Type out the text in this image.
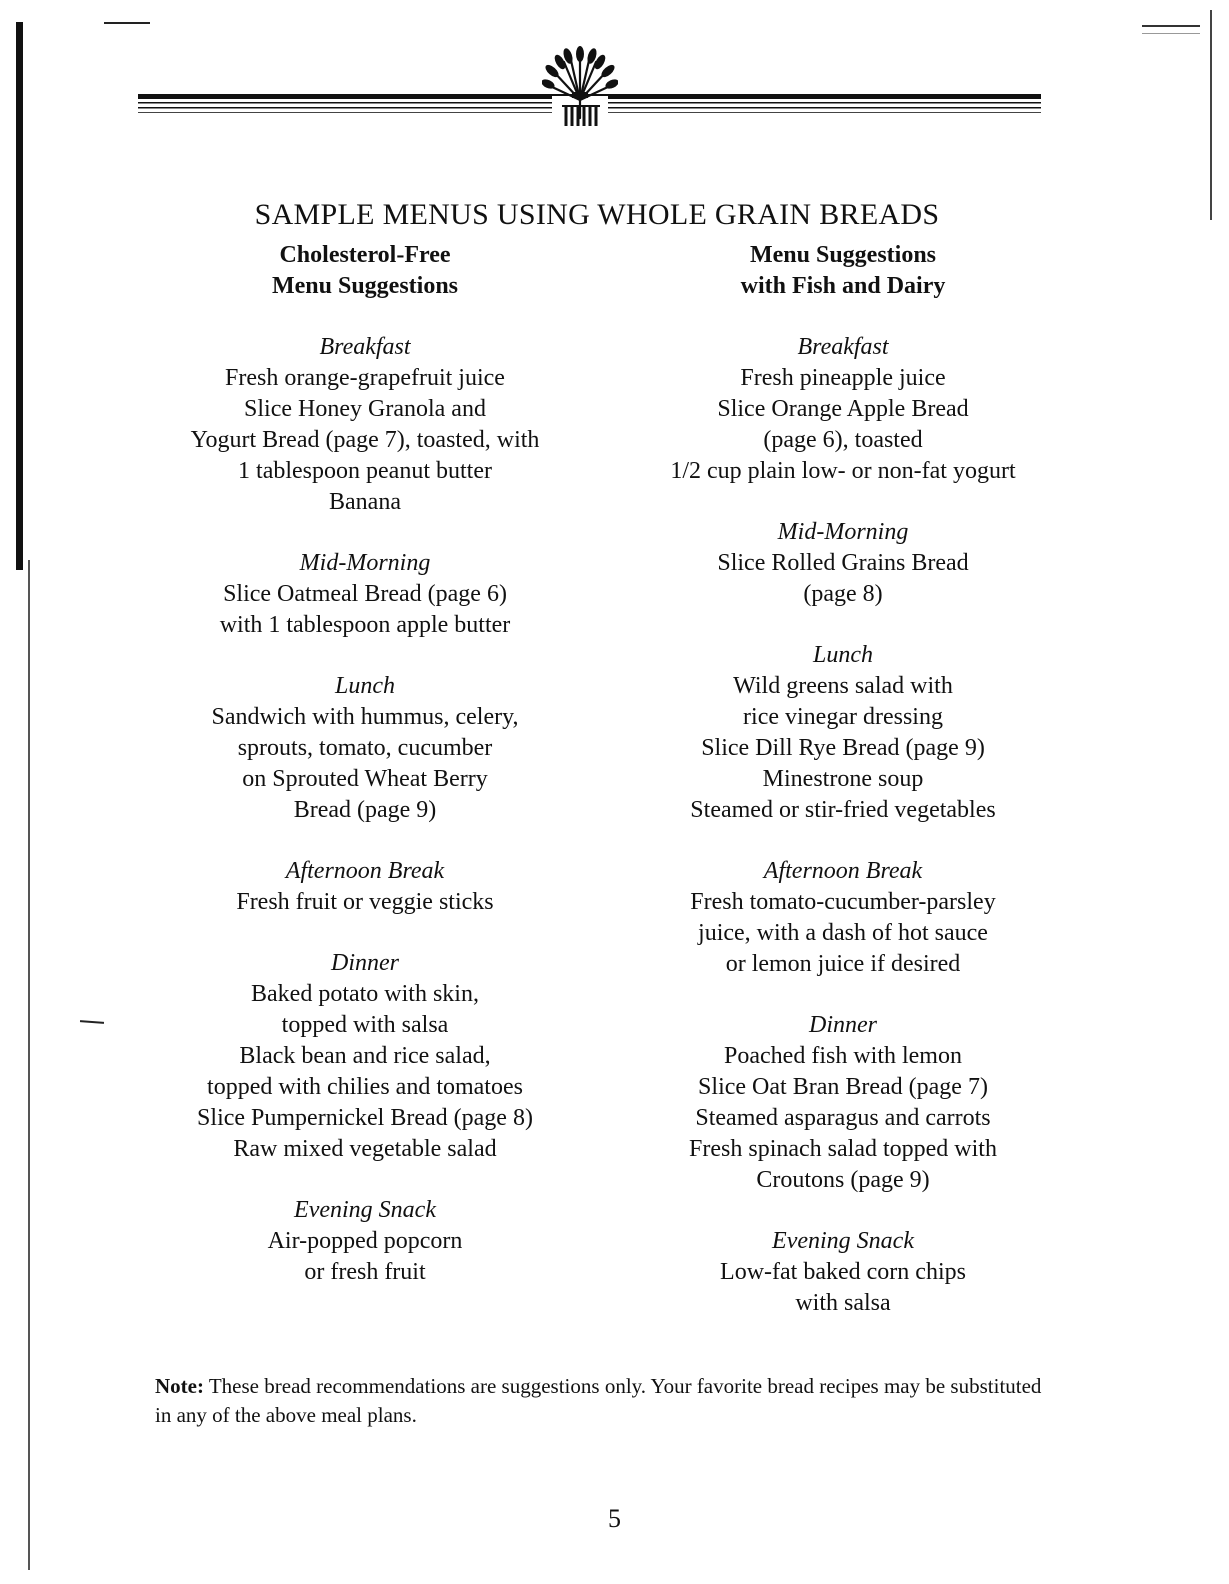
SAMPLE MENUS USING WHOLE GRAIN BREADS
Cholesterol-Free
Menu Suggestions
Breakfast
Fresh orange-grapefruit juice
Slice Honey Granola and
Yogurt Bread (page 7), toasted, with
1 tablespoon peanut butter
Banana
Mid-Morning
Slice Oatmeal Bread (page 6)
with 1 tablespoon apple butter
Lunch
Sandwich with hummus, celery,
sprouts, tomato, cucumber
on Sprouted Wheat Berry
Bread (page 9)
Afternoon Break
Fresh fruit or veggie sticks
Dinner
Baked potato with skin,
topped with salsa
Black bean and rice salad,
topped with chilies and tomatoes
Slice Pumpernickel Bread (page 8)
Raw mixed vegetable salad
Evening Snack
Air-popped popcorn
or fresh fruit
Menu Suggestions
with Fish and Dairy
Breakfast
Fresh pineapple juice
Slice Orange Apple Bread
(page 6), toasted
1/2 cup plain low- or non-fat yogurt
Mid-Morning
Slice Rolled Grains Bread
(page 8)
Lunch
Wild greens salad with
rice vinegar dressing
Slice Dill Rye Bread (page 9)
Minestrone soup
Steamed or stir-fried vegetables
Afternoon Break
Fresh tomato-cucumber-parsley
juice, with a dash of hot sauce
or lemon juice if desired
Dinner
Poached fish with lemon
Slice Oat Bran Bread (page 7)
Steamed asparagus and carrots
Fresh spinach salad topped with
Croutons (page 9)
Evening Snack
Low-fat baked corn chips
with salsa
Note: These bread recommendations are suggestions only. Your favorite bread recipes may be substituted in any of the above meal plans.
5
